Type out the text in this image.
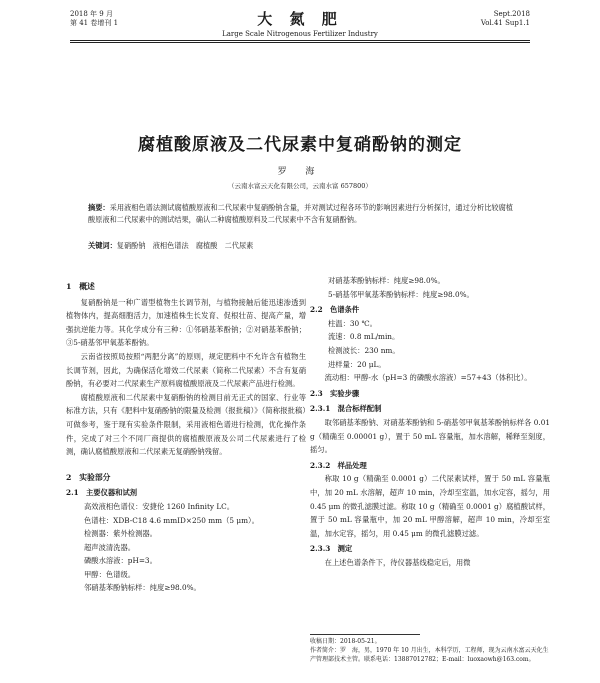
2018 年 9 月
第 41 卷增刊 1	大 氮 肥
Large Scale Nitrogenous Fertilizer Industry
Sept.2018
Vol.41 Sup1.1
腐植酸原液及二代尿素中复硝酚钠的测定
罗 海
（云南水富云天化有限公司，云南水富 657800）
摘要：采用液相色谱法测试腐植酸原液和二代尿素中复硝酚钠含量，并对测试过程各环节的影响因素进行分析探讨，通过分析比较腐植酸原液和二代尿素中的测试结果，确认二种腐植酸原料及二代尿素中不含有复硝酚钠。
关键词：复硝酚钠　液相色谱法　腐植酸　二代尿素
1　概述

复硝酚钠是一种广谱型植物生长调节剂，与植物接触后能迅速渗透到植物体内，提高细胞活力，加速植株生长发育、促根壮苗、提高产量，增强抗逆能力等。其化学成分有三种：①邻硝基苯酚钠；②对硝基苯酚钠；③5-硝基邻甲氧基苯酚钠。

云南省按照局按照“两肥分离”的原则，规定肥料中不允许含有植物生长调节剂，因此，为确保活化增效二代尿素（简称二代尿素）不含有复硝酚钠，有必要对二代尿素生产原料腐植酸原液及二代尿素产品进行检测。

腐植酸原液和二代尿素中复硝酚钠的检测目前无正式的国家、行业等标准方法，只有《肥料中复硝酚钠的限量及检测（报批稿）》（简称报批稿）可做参考，鉴于现有实验条件限制，采用液相色谱进行检测，优化操作条件，完成了对三个不同厂商提供的腐植酸原液及公司二代尿素进行了检测，确认腐植酸原液和二代尿素无复硝酚钠残留。

2　实验部分
2.1　主要仪器和试剂
高效液相色谱仪：安捷伦 1260 Infinity LC。
色谱柱：XDB-C18 4.6 mmID×250 mm（5 μm）。
检测器：紫外检测器。
超声波清洗器。
磷酸水溶液：pH=3。
甲醇：色谱级。
邻硝基苯酚钠标样：纯度≥98.0%。
对硝基苯酚钠标样：纯度≥98.0%。
5-硝基邻甲氧基苯酚钠标样：纯度≥98.0%。
2.2　色谱条件
柱温：30 ℃。
流速：0.8 mL/min。
检测波长：230 nm。
进样量：20 μL。

流动相：甲醇-水（pH=3 的磷酸水溶液）=57+43（体积比）。

2.3　实验步骤
2.3.1　混合标样配制

取邻硝基苯酚钠、对硝基苯酚钠和 5-硝基邻甲氧基苯酚钠标样各 0.01 g（精确至 0.00001 g），置于 50 mL 容量瓶，加水溶解，稀释至刻度，摇匀。

2.3.2　样品处理

称取 10 g（精确至 0.0001 g）二代尿素试样，置于 50 mL 容量瓶中，加 20 mL 水溶解，超声 10 min，冷却至室温，加水定容，摇匀，用 0.45 μm 的微孔滤膜过滤。称取 10 g（精确至 0.0001 g）腐植酸试样，置于 50 mL 容量瓶中，加 20 mL 甲醇溶解，超声 10 min，冷却至室温，加水定容，摇匀，用 0.45 μm 的微孔滤膜过滤。

2.3.3　测定

在上述色谱条件下，待仪器基线稳定后，用微

收稿日期：2018-05-21。
作者简介：罗　海，男，1970 年 10 月出生，本科学历，工程师，现为云南水富云天化生产管理部技术主管。联系电话：13887012782；E-mail：luoxaowh@163.com。
